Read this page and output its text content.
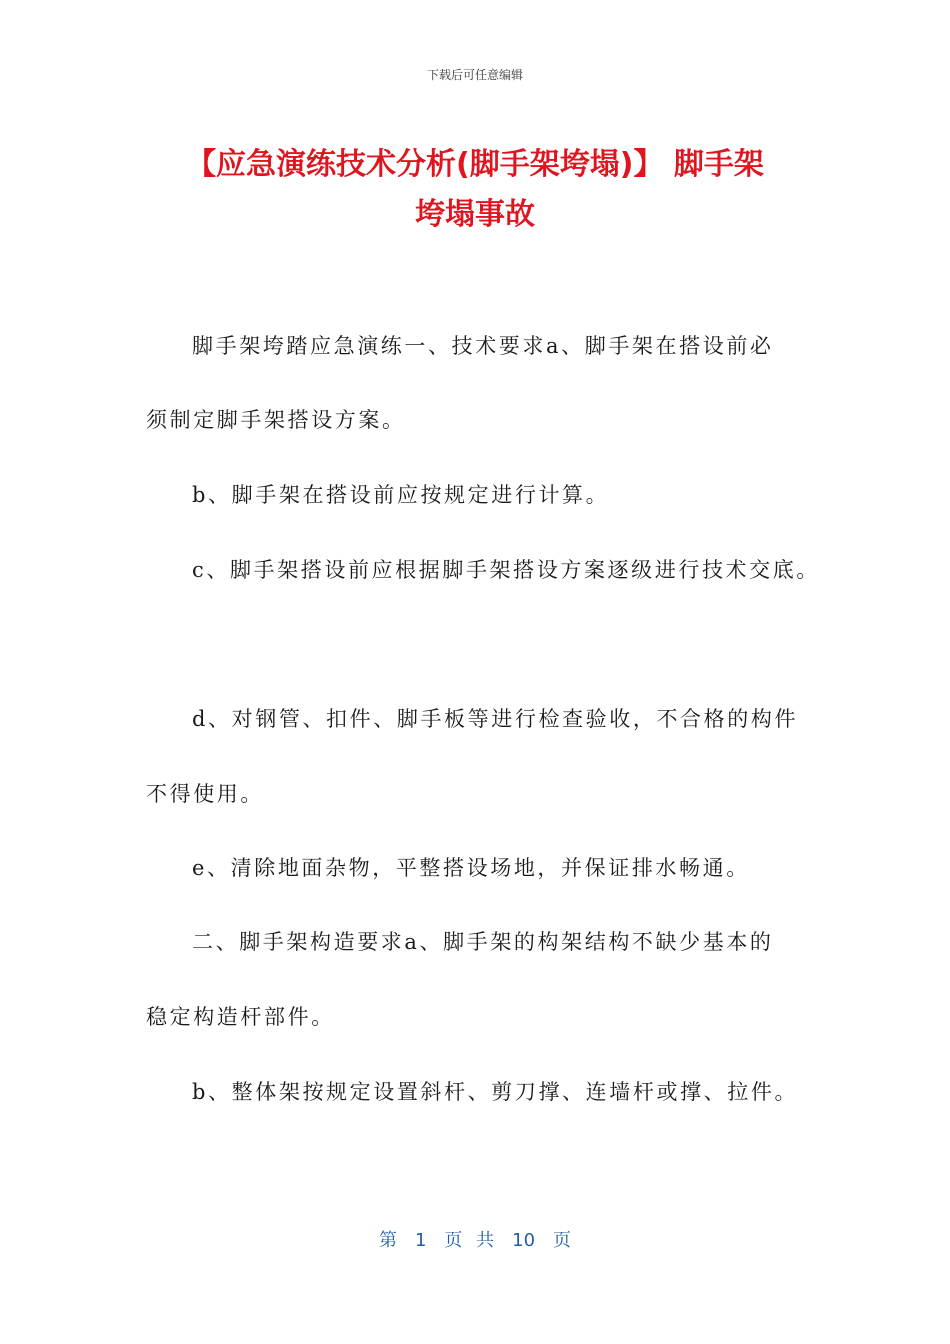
下载后可任意编辑
【应急演练技术分析(脚手架垮塌)】 脚手架
垮塌事故
脚手架垮踏应急演练一、技术要求a、脚手架在搭设前必
须制定脚手架搭设方案。
b、脚手架在搭设前应按规定进行计算。
c、脚手架搭设前应根据脚手架搭设方案逐级进行技术交底。
d、对钢管、扣件、脚手板等进行检查验收，不合格的构件
不得使用。
e、清除地面杂物，平整搭设场地，并保证排水畅通。
二、脚手架构造要求a、脚手架的构架结构不缺少基本的
稳定构造杆部件。
b、整体架按规定设置斜杆、剪刀撑、连墙杆或撑、拉件。
第　1　页 共　10　页
